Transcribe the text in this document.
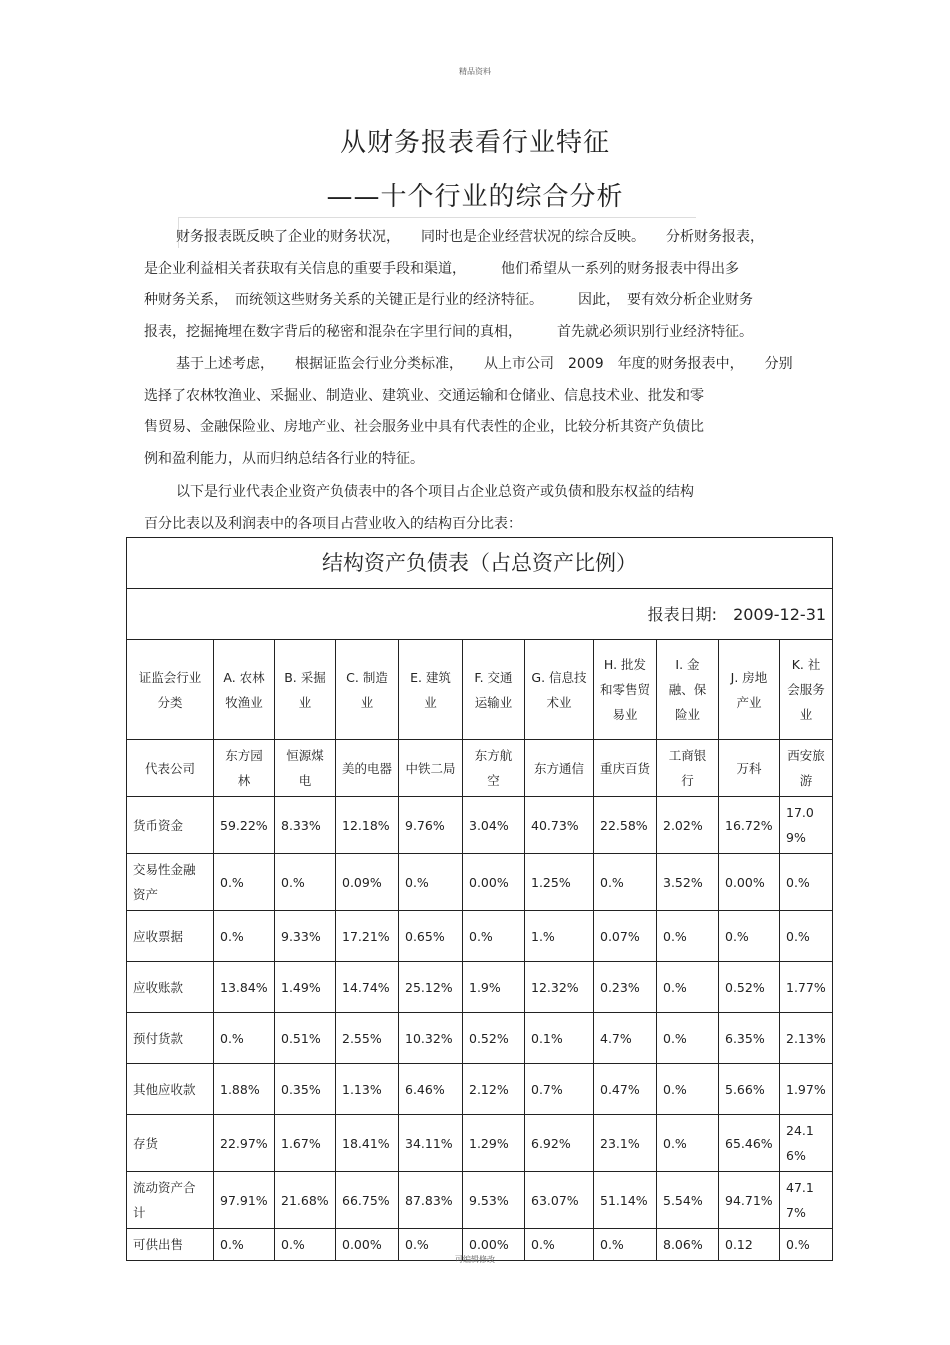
精品资料
从财务报表看行业特征
——十个行业的综合分析

财务报表既反映了企业的财务状况，　　同时也是企业经营状况的综合反映。　　分析财务报表，

是企业利益相关者获取有关信息的重要手段和渠道，　　　他们希望从一系列的财务报表中得出多

种财务关系，　而统领这些财务关系的关键正是行业的经济特征。　　　因此，　要有效分析企业财务

报表，挖掘掩埋在数字背后的秘密和混杂在字里行间的真相，　　　首先就必须识别行业经济特征。

基于上述考虑，　　根据证监会行业分类标准，　　从上市公司　2009　年度的财务报表中，　　分别

选择了农林牧渔业、采掘业、制造业、建筑业、交通运输和仓储业、信息技术业、批发和零

售贸易、金融保险业、房地产业、社会服务业中具有代表性的企业，比较分析其资产负债比

例和盈利能力，从而归纳总结各行业的特征。

以下是行业代表企业资产负债表中的各个项目占企业总资产或负债和股东权益的结构

百分比表以及利润表中的各项目占营业收入的结构百分比表：

结构资产负债表（占总资产比例）										
报表日期:　2009-12-31										
证监会行业分类	A. 农林牧渔业	B. 采掘业	C. 制造业	E. 建筑业	F. 交通运输业	G. 信息技术业	H. 批发和零售贸易业	I. 金融、保险业	J. 房地产业	K. 社会服务业
代表公司	东方园林	恒源煤电	美的电器	中铁二局	东方航空	东方通信	重庆百货	工商银行	万科	西安旅游
货币资金	59.22%	8.33%	12.18%	9.76%	3.04%	40.73%	22.58%	2.02%	16.72%	17.09%
交易性金融资产	0.%	0.%	0.09%	0.%	0.00%	1.25%	0.%	3.52%	0.00%	0.%
应收票据	0.%	9.33%	17.21%	0.65%	0.%	1.%	0.07%	0.%	0.%	0.%
应收账款	13.84%	1.49%	14.74%	25.12%	1.9%	12.32%	0.23%	0.%	0.52%	1.77%
预付货款	0.%	0.51%	2.55%	10.32%	0.52%	0.1%	4.7%	0.%	6.35%	2.13%
其他应收款	1.88%	0.35%	1.13%	6.46%	2.12%	0.7%	0.47%	0.%	5.66%	1.97%
存货	22.97%	1.67%	18.41%	34.11%	1.29%	6.92%	23.1%	0.%	65.46%	24.16%
流动资产合计	97.91%	21.68%	66.75%	87.83%	9.53%	63.07%	51.14%	5.54%	94.71%	47.17%
可供出售	0.%	0.%	0.00%	0.%	0.00%	0.%	0.%	8.06%	0.12	0.%
可编辑修改
